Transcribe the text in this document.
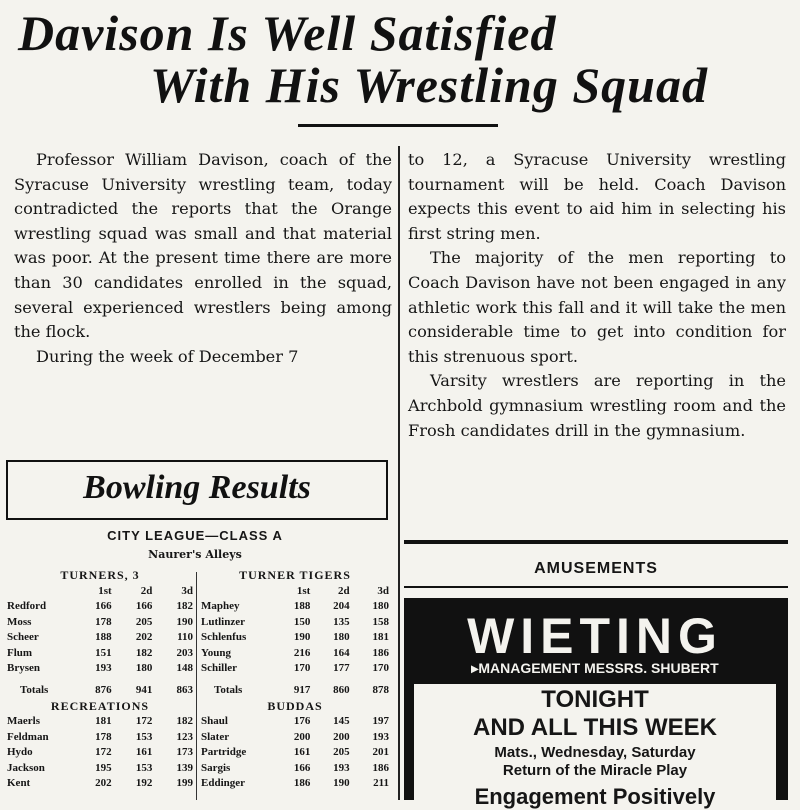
Davison Is Well Satisfied
With His Wrestling Squad

Professor William Davison, coach of the Syracuse University wrestling team, today contradicted the reports that the Orange wrestling squad was small and that material was poor. At the present time there are more than 30 candidates enrolled in the squad, several experienced wrestlers being among the flock.

During the week of December 7

to 12, a Syracuse University wrestling tournament will be held. Coach Davison expects this event to aid him in selecting his first string men.

The majority of the men reporting to Coach Davison have not been engaged in any athletic work this fall and it will take the men considerable time to get into condition for this strenuous sport.

Varsity wrestlers are reporting in the Archbold gymnasium wrestling room and the Frosh candidates drill in the gymnasium.

Bowling Results
CITY LEAGUE—CLASS A
Naurer's Alleys
TURNERS, 3
	1st	2d	3d
Redford	166	166	182
Moss	178	205	190
Scheer	188	202	110
Flum	151	182	203
Brysen	193	180	148
Totals	876	941	863
RECREATIONS
Maerls	181	172	182
Feldman	178	153	123
Hydo	172	161	173
Jackson	195	153	139
Kent	202	192	199
TURNER TIGERS
	1st	2d	3d
Maphey	188	204	180
Lutlinzer	150	135	158
Schlenfus	190	180	181
Young	216	164	186
Schiller	170	177	170
Totals	917	860	878
BUDDAS
Shaul	176	145	197
Slater	200	200	193
Partridge	161	205	201
Sargis	166	193	186
Eddinger	186	190	211
AMUSEMENTS
WIETING
▸MANAGEMENT MESSRS. SHUBERT
TONIGHT
AND ALL THIS WEEK
Mats., Wednesday, Saturday
Return of the Miracle Play
Engagement Positively
